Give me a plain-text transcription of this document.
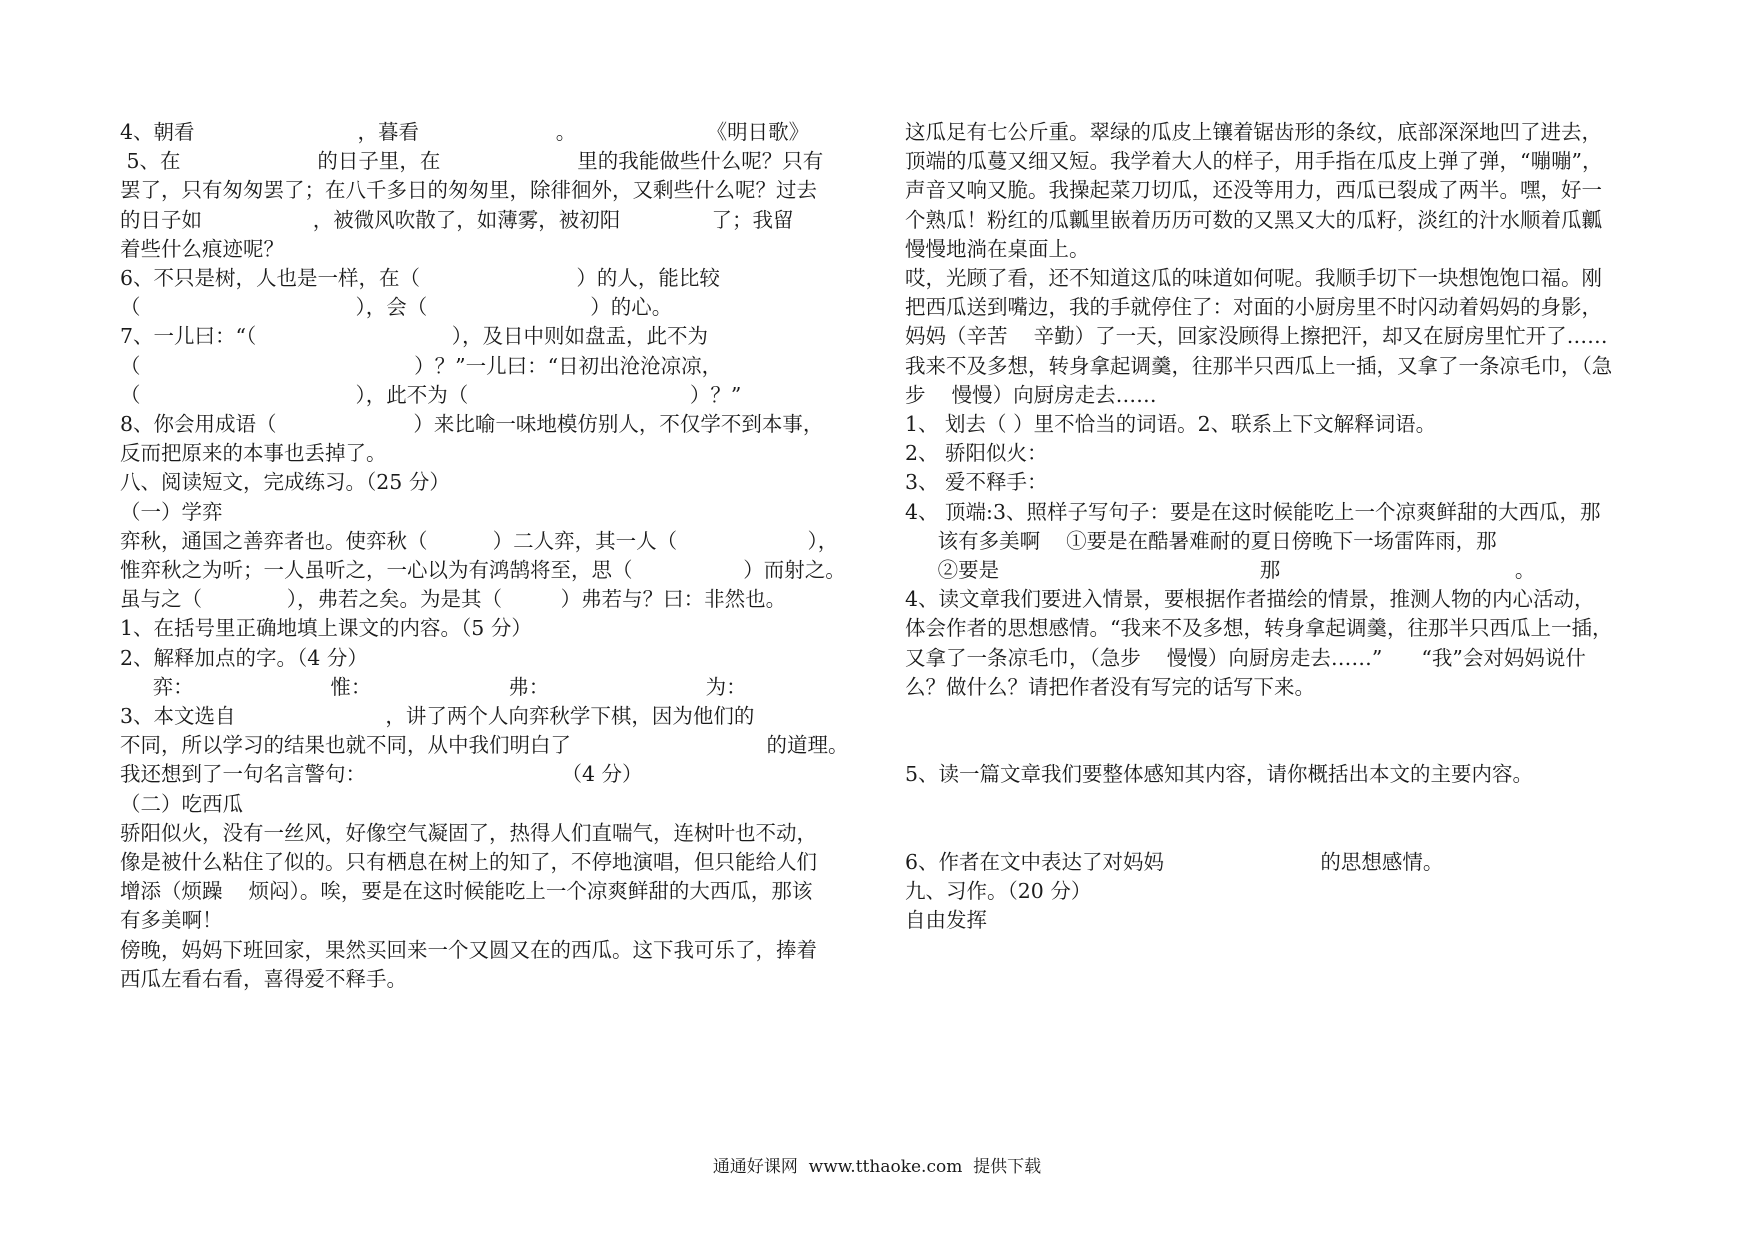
4、朝看                         ，暮看                     。                    《明日歌》
5、在                     的日子里，在                     里的我能做些什么呢？只有
罢了，只有匆匆罢了；在八千多日的匆匆里，除徘徊外，又剩些什么呢？过去
的日子如                 ，被微风吹散了，如薄雾，被初阳              了；我留
着些什么痕迹呢？
6、不只是树，人也是一样，在（                        ）的人，能比较
（                                 ），会（                         ）的心。
7、一儿曰：“（                              ），及日中则如盘盂，此不为
（                                          ）？”一儿曰：“日初出沧沧凉凉，
（                                 ），此不为（                                  ）？”
8、你会用成语（                     ）来比喻一味地模仿别人，不仅学不到本事，
反而把原来的本事也丢掉了。
八、阅读短文，完成练习。（25 分）
（一）学弈
弈秋，通国之善弈者也。使弈秋（          ）二人弈，其一人（                    ），
惟弈秋之为听；一人虽听之，一心以为有鸿鹄将至，思（                 ）而射之。
虽与之（             ），弗若之矣。为是其（         ）弗若与？曰：非然也。
1、在括号里正确地填上课文的内容。（5 分）
2、解释加点的字。（4 分）
弈：                     惟：                     弗：                        为：
3、本文选自                       ，讲了两个人向弈秋学下棋，因为他们的
不同，所以学习的结果也就不同，从中我们明白了                              的道理。
我还想到了一句名言警句：                              （4 分）
（二）吃西瓜
骄阳似火，没有一丝风，好像空气凝固了，热得人们直喘气，连树叶也不动，
像是被什么粘住了似的。只有栖息在树上的知了，不停地演唱，但只能给人们
增添（烦躁    烦闷）。唉，要是在这时候能吃上一个凉爽鲜甜的大西瓜，那该
有多美啊！
傍晚，妈妈下班回家，果然买回来一个又圆又在的西瓜。这下我可乐了，捧着
西瓜左看右看，喜得爱不释手。
这瓜足有七公斤重。翠绿的瓜皮上镶着锯齿形的条纹，底部深深地凹了进去，
顶端的瓜蔓又细又短。我学着大人的样子，用手指在瓜皮上弹了弹，“嘣嘣”，
声音又响又脆。我操起菜刀切瓜，还没等用力，西瓜已裂成了两半。嘿，好一
个熟瓜！粉红的瓜瓤里嵌着历历可数的又黑又大的瓜籽，淡红的汁水顺着瓜瓤
慢慢地淌在桌面上。
哎，光顾了看，还不知道这瓜的味道如何呢。我顺手切下一块想饱饱口福。刚
把西瓜送到嘴边，我的手就停住了：对面的小厨房里不时闪动着妈妈的身影，
妈妈（辛苦    辛勤）了一天，回家没顾得上擦把汗，却又在厨房里忙开了……
我来不及多想，转身拿起调羹，往那半只西瓜上一插，又拿了一条凉毛巾，（急
步    慢慢）向厨房走去……
1、 划去（ ）里不恰当的词语。2、联系上下文解释词语。
2、 骄阳似火：
3、 爱不释手：
4、 顶端:3、照样子写句子：要是在这时候能吃上一个凉爽鲜甜的大西瓜，那
该有多美啊    ①要是在酷暑难耐的夏日傍晚下一场雷阵雨，那
②要是                                        那                                    。
4、读文章我们要进入情景，要根据作者描绘的情景，推测人物的内心活动，
体会作者的思想感情。“我来不及多想，转身拿起调羹，往那半只西瓜上一插，
又拿了一条凉毛巾，（急步    慢慢）向厨房走去……”      “我”会对妈妈说什
么？做什么？请把作者没有写完的话写下来。
5、读一篇文章我们要整体感知其内容，请你概括出本文的主要内容。
6、作者在文中表达了对妈妈                        的思想感情。
九、习作。（20 分）
自由发挥
通通好课网  www.tthaoke.com  提供下载
